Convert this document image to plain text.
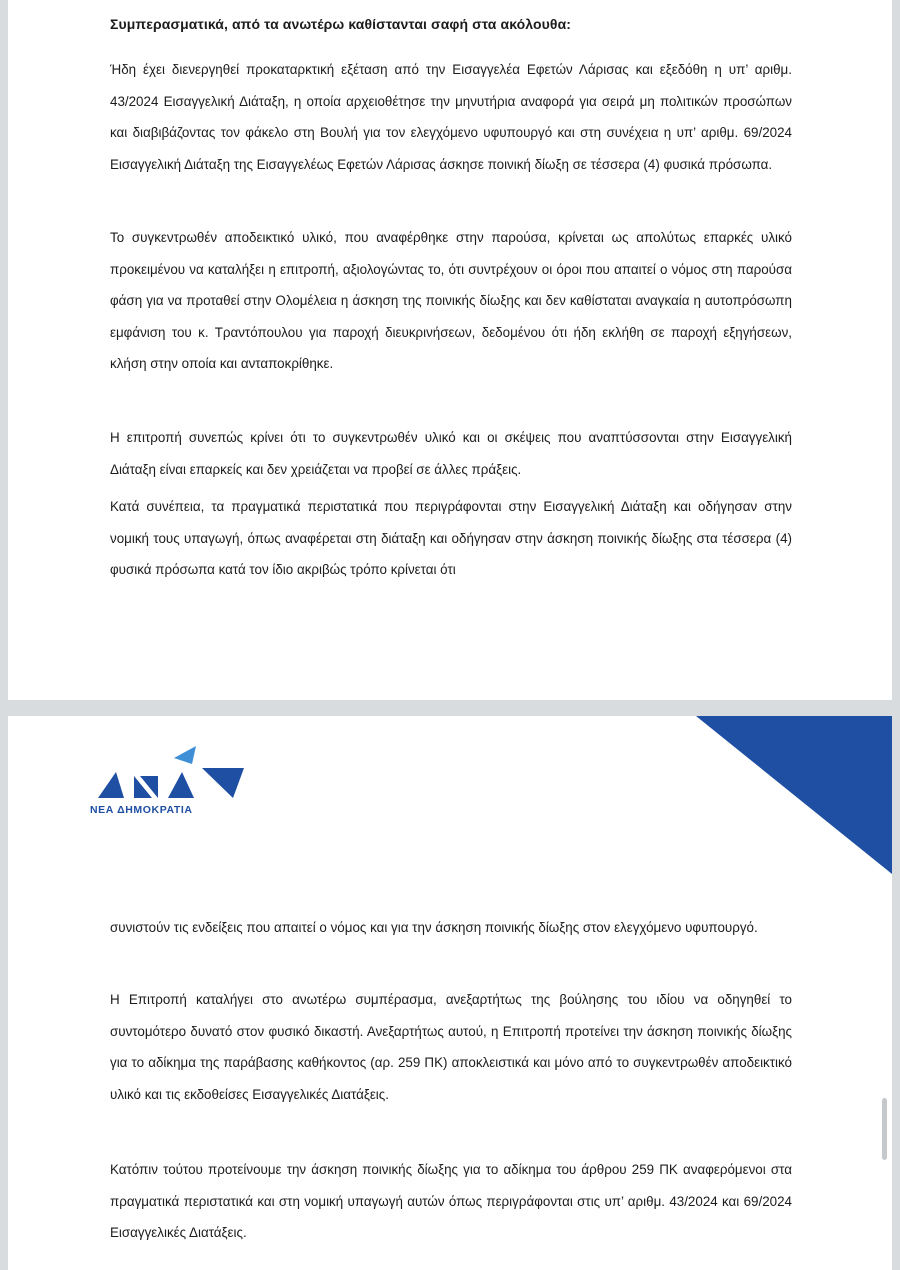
Συμπερασματικά, από τα ανωτέρω καθίστανται σαφή στα ακόλουθα:

Ήδη έχει διενεργηθεί προκαταρκτική εξέταση από την Εισαγγελέα Εφετών Λάρισας και εξεδόθη η υπ’ αριθμ. 43/2024 Εισαγγελική Διάταξη, η οποία αρχειοθέτησε την μηνυτήρια αναφορά για σειρά μη πολιτικών προσώπων και διαβιβάζοντας τον φάκελο στη Βουλή για τον ελεγχόμενο υφυπουργό και στη συνέχεια η υπ’ αριθμ. 69/2024 Εισαγγελική Διάταξη της Εισαγγελέως Εφετών Λάρισας άσκησε ποινική δίωξη σε τέσσερα (4) φυσικά πρόσωπα.

Το συγκεντρωθέν αποδεικτικό υλικό, που αναφέρθηκε στην παρούσα, κρίνεται ως απολύτως επαρκές υλικό προκειμένου να καταλήξει η επιτροπή, αξιολογώντας το, ότι συντρέχουν οι όροι που απαιτεί ο νόμος στη παρούσα φάση για να προταθεί στην Ολομέλεια η άσκηση της ποινικής δίωξης και δεν καθίσταται αναγκαία η αυτοπρόσωπη εμφάνιση του κ. Τραντόπουλου για παροχή διευκρινήσεων, δεδομένου ότι ήδη εκλήθη σε παροχή εξηγήσεων, κλήση στην οποία και ανταποκρίθηκε.

Η επιτροπή συνεπώς κρίνει ότι το συγκεντρωθέν υλικό και οι σκέψεις που αναπτύσσονται στην Εισαγγελική Διάταξη είναι επαρκείς και δεν χρειάζεται να προβεί σε άλλες πράξεις.

Κατά συνέπεια, τα πραγματικά περιστατικά που περιγράφονται στην Εισαγγελική Διάταξη και οδήγησαν στην νομική τους υπαγωγή, όπως αναφέρεται στη διάταξη και οδήγησαν στην άσκηση ποινικής δίωξης στα τέσσερα (4) φυσικά πρόσωπα κατά τον ίδιο ακριβώς τρόπο κρίνεται ότι

ΝΕΑ ΔΗΜΟΚΡΑΤΙΑ

συνιστούν τις ενδείξεις που απαιτεί ο νόμος και για την άσκηση ποινικής δίωξης στον ελεγχόμενο υφυπουργό.

Η Επιτροπή καταλήγει στο ανωτέρω συμπέρασμα, ανεξαρτήτως της βούλησης του ιδίου να οδηγηθεί το συντομότερο δυνατό στον φυσικό δικαστή. Ανεξαρτήτως αυτού, η Επιτροπή προτείνει την άσκηση ποινικής δίωξης για το αδίκημα της παράβασης καθήκοντος (αρ. 259 ΠΚ) αποκλειστικά και μόνο από το συγκεντρωθέν αποδεικτικό υλικό και τις εκδοθείσες Εισαγγελικές Διατάξεις.

Κατόπιν τούτου προτείνουμε την άσκηση ποινικής δίωξης για το αδίκημα του άρθρου 259 ΠΚ αναφερόμενοι στα πραγματικά περιστατικά και στη νομική υπαγωγή αυτών όπως περιγράφονται στις υπ’ αριθμ. 43/2024 και 69/2024 Εισαγγελικές Διατάξεις.
